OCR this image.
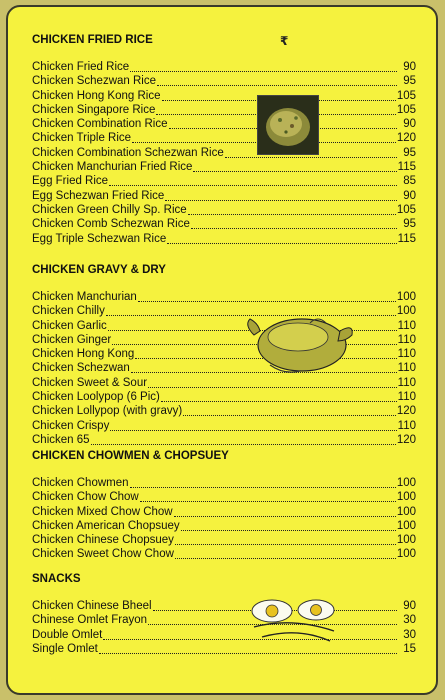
₹
CHICKEN FRIED RICE
Chicken Fried Rice	90
Chicken Schezwan Rice	95
Chicken Hong Kong Rice	105
Chicken Singapore Rice	105
Chicken Combination Rice	90
Chicken Triple Rice	120
Chicken Combination Schezwan Rice	95
Chicken Manchurian Fried Rice	115
Egg Fried Rice	85
Egg Schezwan Fried Rice	90
Chicken Green Chilly Sp. Rice	105
Chicken Comb Schezwan Rice	95
Egg Triple Schezwan Rice	115
CHICKEN GRAVY & DRY
Chicken Manchurian	100
Chicken Chilly	100
Chicken Garlic	110
Chicken Ginger	110
Chicken Hong Kong	110
Chicken Schezwan	110
Chicken Sweet & Sour	110
Chicken Loolypop (6 Pic)	110
Chicken Lollypop (with gravy)	120
Chicken Crispy	110
Chicken 65	120
CHICKEN CHOWMEN & CHOPSUEY
Chicken Chowmen	100
Chicken Chow Chow	100
Chicken Mixed Chow Chow	100
Chicken American Chopsuey	100
Chicken Chinese Chopsuey	100
Chicken Sweet Chow Chow	100
SNACKS
Chicken Chinese Bheel	90
Chinese Omlet Frayon	30
Double Omlet	30
Single Omlet	15
